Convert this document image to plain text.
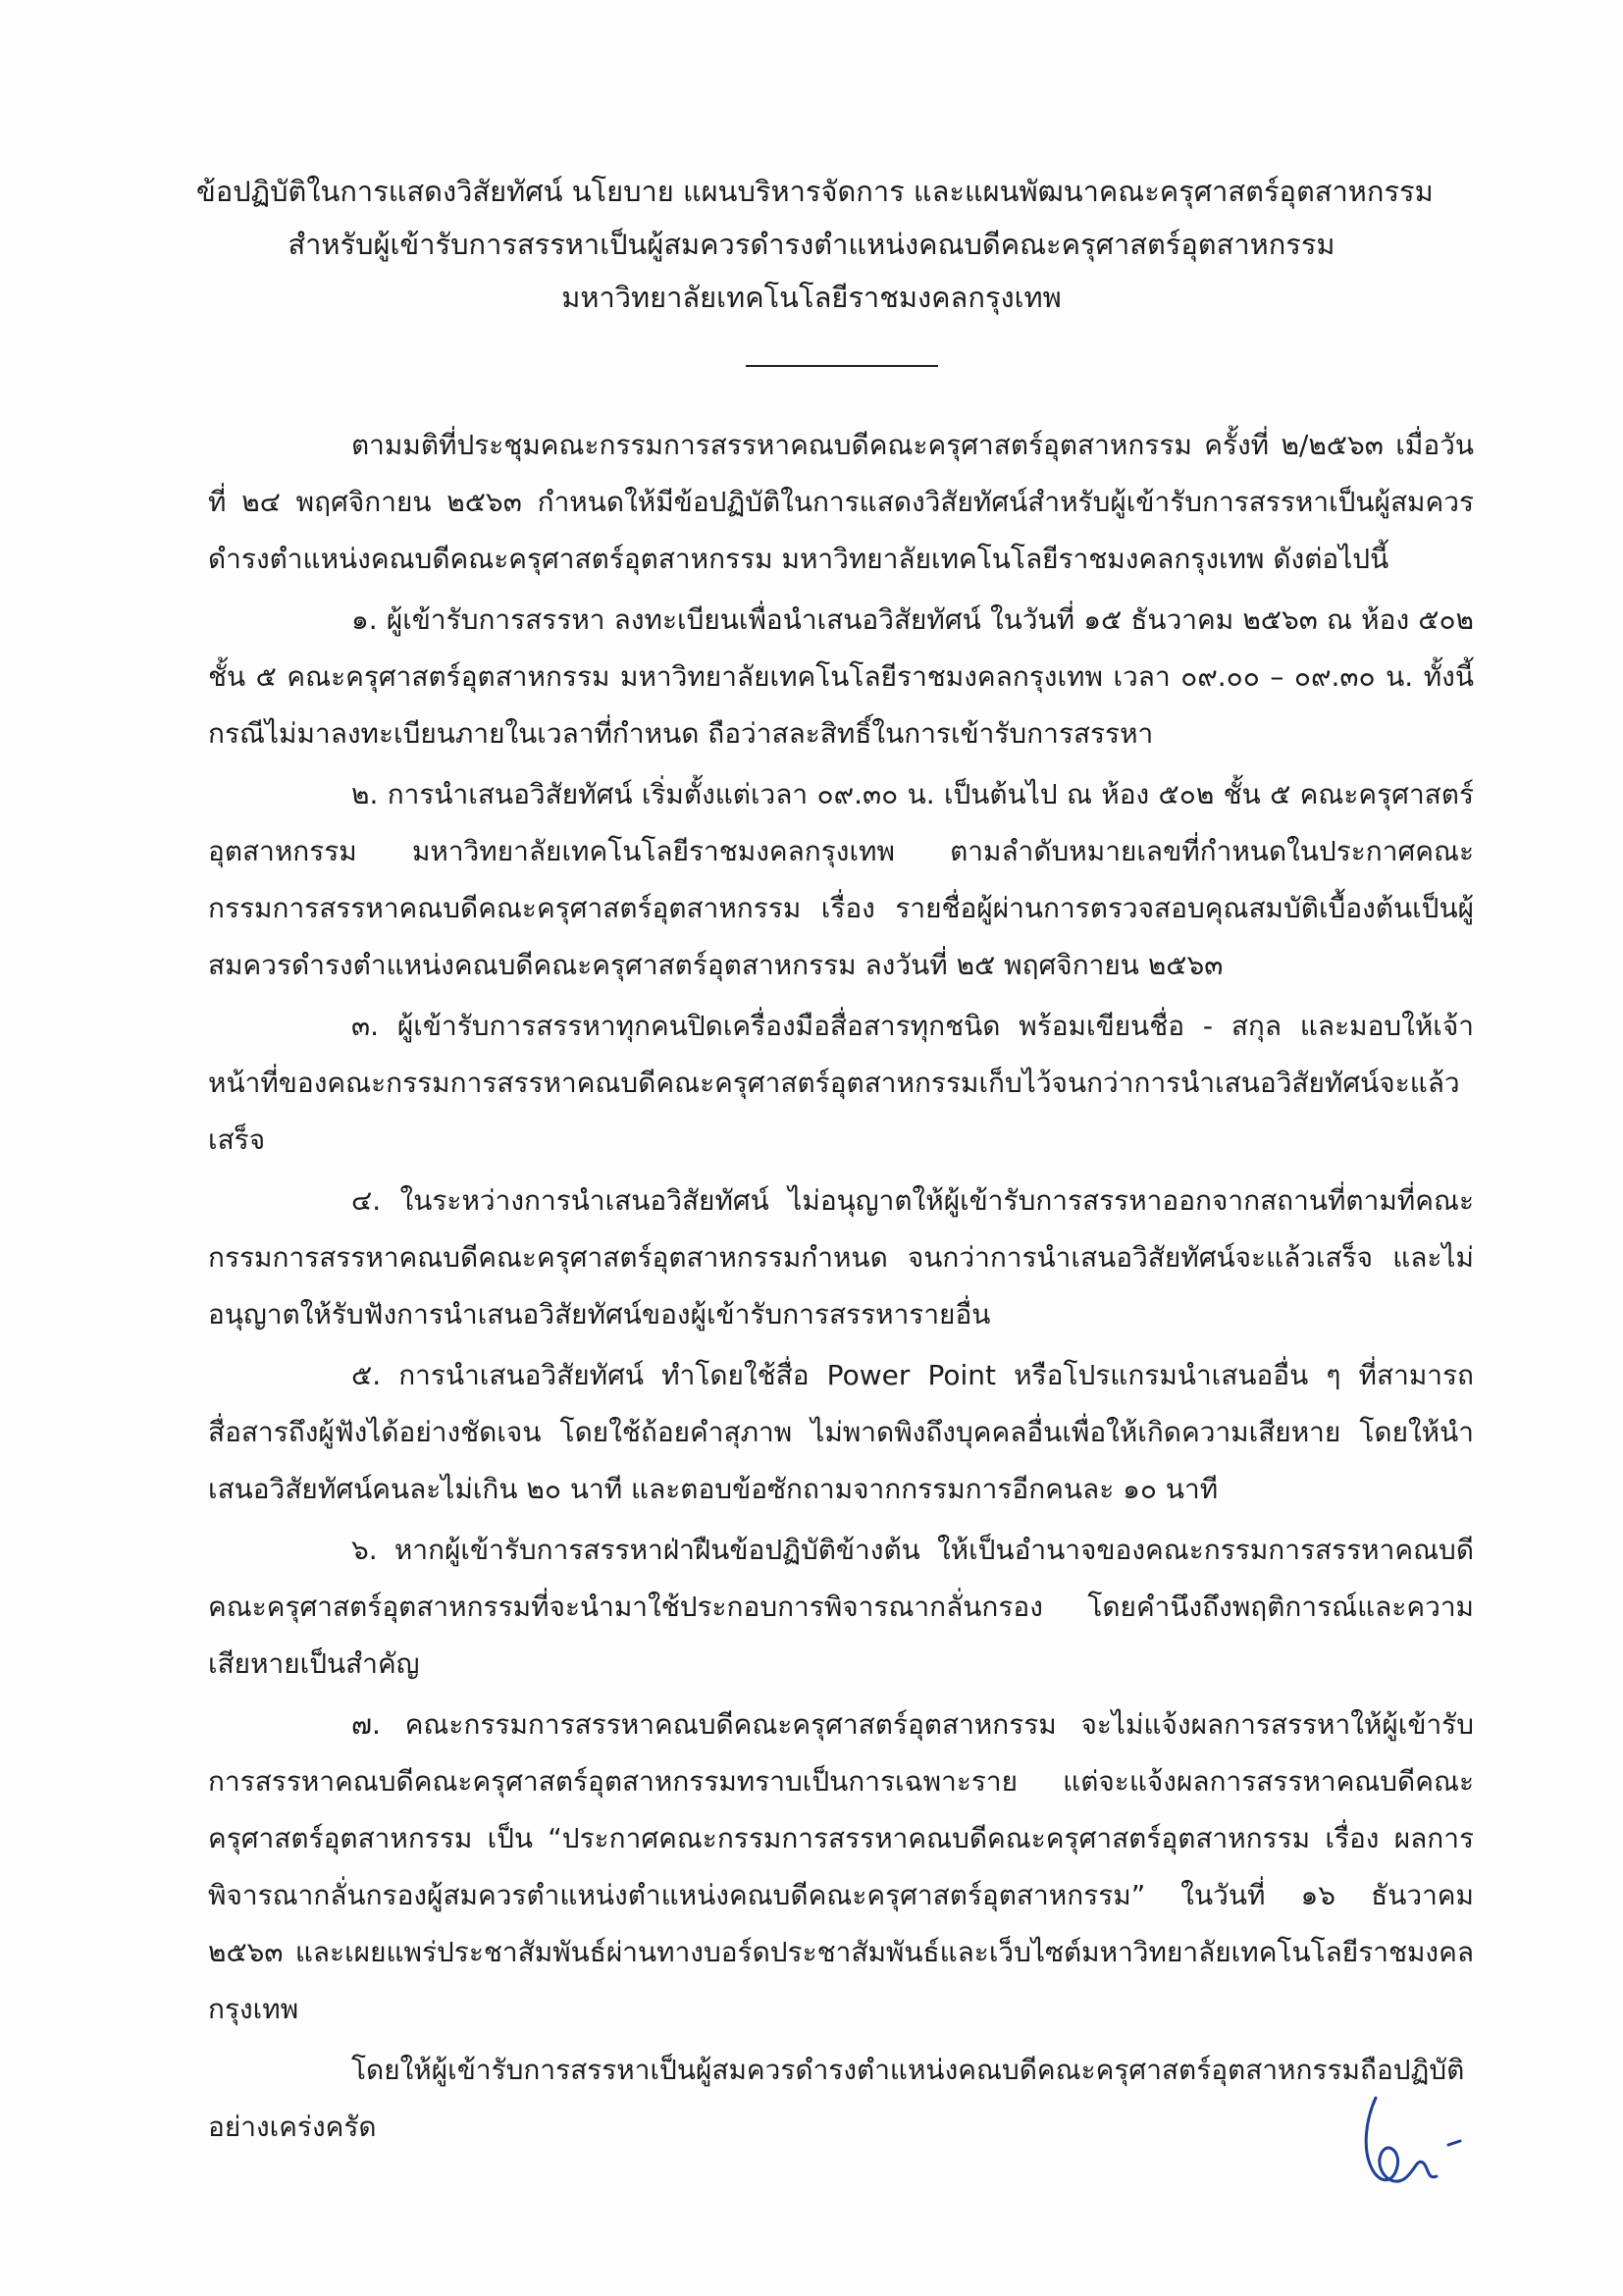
ข้อปฏิบัติในการแสดงวิสัยทัศน์ นโยบาย แผนบริหารจัดการ และแผนพัฒนาคณะครุศาสตร์อุตสาหกรรม
สำหรับผู้เข้ารับการสรรหาเป็นผู้สมควรดำรงตำแหน่งคณบดีคณะครุศาสตร์อุตสาหกรรม
มหาวิทยาลัยเทคโนโลยีราชมงคลกรุงเทพ

ตามมติที่ประชุมคณะกรรมการสรรหาคณบดีคณะครุศาสตร์อุตสาหกรรม ครั้งที่ ๒/๒๕๖๓ เมื่อวันที่ ๒๔ พฤศจิกายน ๒๕๖๓ กำหนดให้มีข้อปฏิบัติในการแสดงวิสัยทัศน์สำหรับผู้เข้ารับการสรรหาเป็นผู้สมควรดำรงตำแหน่งคณบดีคณะครุศาสตร์อุตสาหกรรม มหาวิทยาลัยเทคโนโลยีราชมงคลกรุงเทพ ดังต่อไปนี้

๑. ผู้เข้ารับการสรรหา ลงทะเบียนเพื่อนำเสนอวิสัยทัศน์ ในวันที่ ๑๕ ธันวาคม ๒๕๖๓ ณ ห้อง ๕๐๒ ชั้น ๕ คณะครุศาสตร์อุตสาหกรรม มหาวิทยาลัยเทคโนโลยีราชมงคลกรุงเทพ เวลา ๐๙.๐๐ – ๐๙.๓๐ น. ทั้งนี้ กรณีไม่มาลงทะเบียนภายในเวลาที่กำหนด ถือว่าสละสิทธิ์ในการเข้ารับการสรรหา

๒. การนำเสนอวิสัยทัศน์ เริ่มตั้งแต่เวลา ๐๙.๓๐ น. เป็นต้นไป ณ ห้อง ๕๐๒ ชั้น ๕ คณะครุศาสตร์อุตสาหกรรม มหาวิทยาลัยเทคโนโลยีราชมงคลกรุงเทพ ตามลำดับหมายเลขที่กำหนดในประกาศคณะกรรมการสรรหาคณบดีคณะครุศาสตร์อุตสาหกรรม เรื่อง รายชื่อผู้ผ่านการตรวจสอบคุณสมบัติเบื้องต้นเป็นผู้สมควรดำรงตำแหน่งคณบดีคณะครุศาสตร์อุตสาหกรรม ลงวันที่ ๒๕ พฤศจิกายน ๒๕๖๓

๓. ผู้เข้ารับการสรรหาทุกคนปิดเครื่องมือสื่อสารทุกชนิด พร้อมเขียนชื่อ - สกุล และมอบให้เจ้าหน้าที่ของคณะกรรมการสรรหาคณบดีคณะครุศาสตร์อุตสาหกรรมเก็บไว้จนกว่าการนำเสนอวิสัยทัศน์จะแล้วเสร็จ

๔. ในระหว่างการนำเสนอวิสัยทัศน์ ไม่อนุญาตให้ผู้เข้ารับการสรรหาออกจากสถานที่ตามที่คณะกรรมการสรรหาคณบดีคณะครุศาสตร์อุตสาหกรรมกำหนด จนกว่าการนำเสนอวิสัยทัศน์จะแล้วเสร็จ และไม่อนุญาตให้รับฟังการนำเสนอวิสัยทัศน์ของผู้เข้ารับการสรรหารายอื่น

๕. การนำเสนอวิสัยทัศน์ ทำโดยใช้สื่อ Power Point หรือโปรแกรมนำเสนออื่น ๆ ที่สามารถสื่อสารถึงผู้ฟังได้อย่างชัดเจน โดยใช้ถ้อยคำสุภาพ ไม่พาดพิงถึงบุคคลอื่นเพื่อให้เกิดความเสียหาย โดยให้นำเสนอวิสัยทัศน์คนละไม่เกิน ๒๐ นาที และตอบข้อซักถามจากกรรมการอีกคนละ ๑๐ นาที

๖. หากผู้เข้ารับการสรรหาฝ่าฝืนข้อปฏิบัติข้างต้น ให้เป็นอำนาจของคณะกรรมการสรรหาคณบดีคณะครุศาสตร์อุตสาหกรรมที่จะนำมาใช้ประกอบการพิจารณากลั่นกรอง โดยคำนึงถึงพฤติการณ์และความเสียหายเป็นสำคัญ

๗. คณะกรรมการสรรหาคณบดีคณะครุศาสตร์อุตสาหกรรม จะไม่แจ้งผลการสรรหาให้ผู้เข้ารับการสรรหาคณบดีคณะครุศาสตร์อุตสาหกรรมทราบเป็นการเฉพาะราย แต่จะแจ้งผลการสรรหาคณบดีคณะครุศาสตร์อุตสาหกรรม เป็น “ประกาศคณะกรรมการสรรหาคณบดีคณะครุศาสตร์อุตสาหกรรม เรื่อง ผลการพิจารณากลั่นกรองผู้สมควรตำแหน่งตำแหน่งคณบดีคณะครุศาสตร์อุตสาหกรรม” ในวันที่ ๑๖ ธันวาคม ๒๕๖๓ และเผยแพร่ประชาสัมพันธ์ผ่านทางบอร์ดประชาสัมพันธ์และเว็บไซต์มหาวิทยาลัยเทคโนโลยีราชมงคลกรุงเทพ

โดยให้ผู้เข้ารับการสรรหาเป็นผู้สมควรดำรงตำแหน่งคณบดีคณะครุศาสตร์อุตสาหกรรมถือปฏิบัติอย่างเคร่งครัด
